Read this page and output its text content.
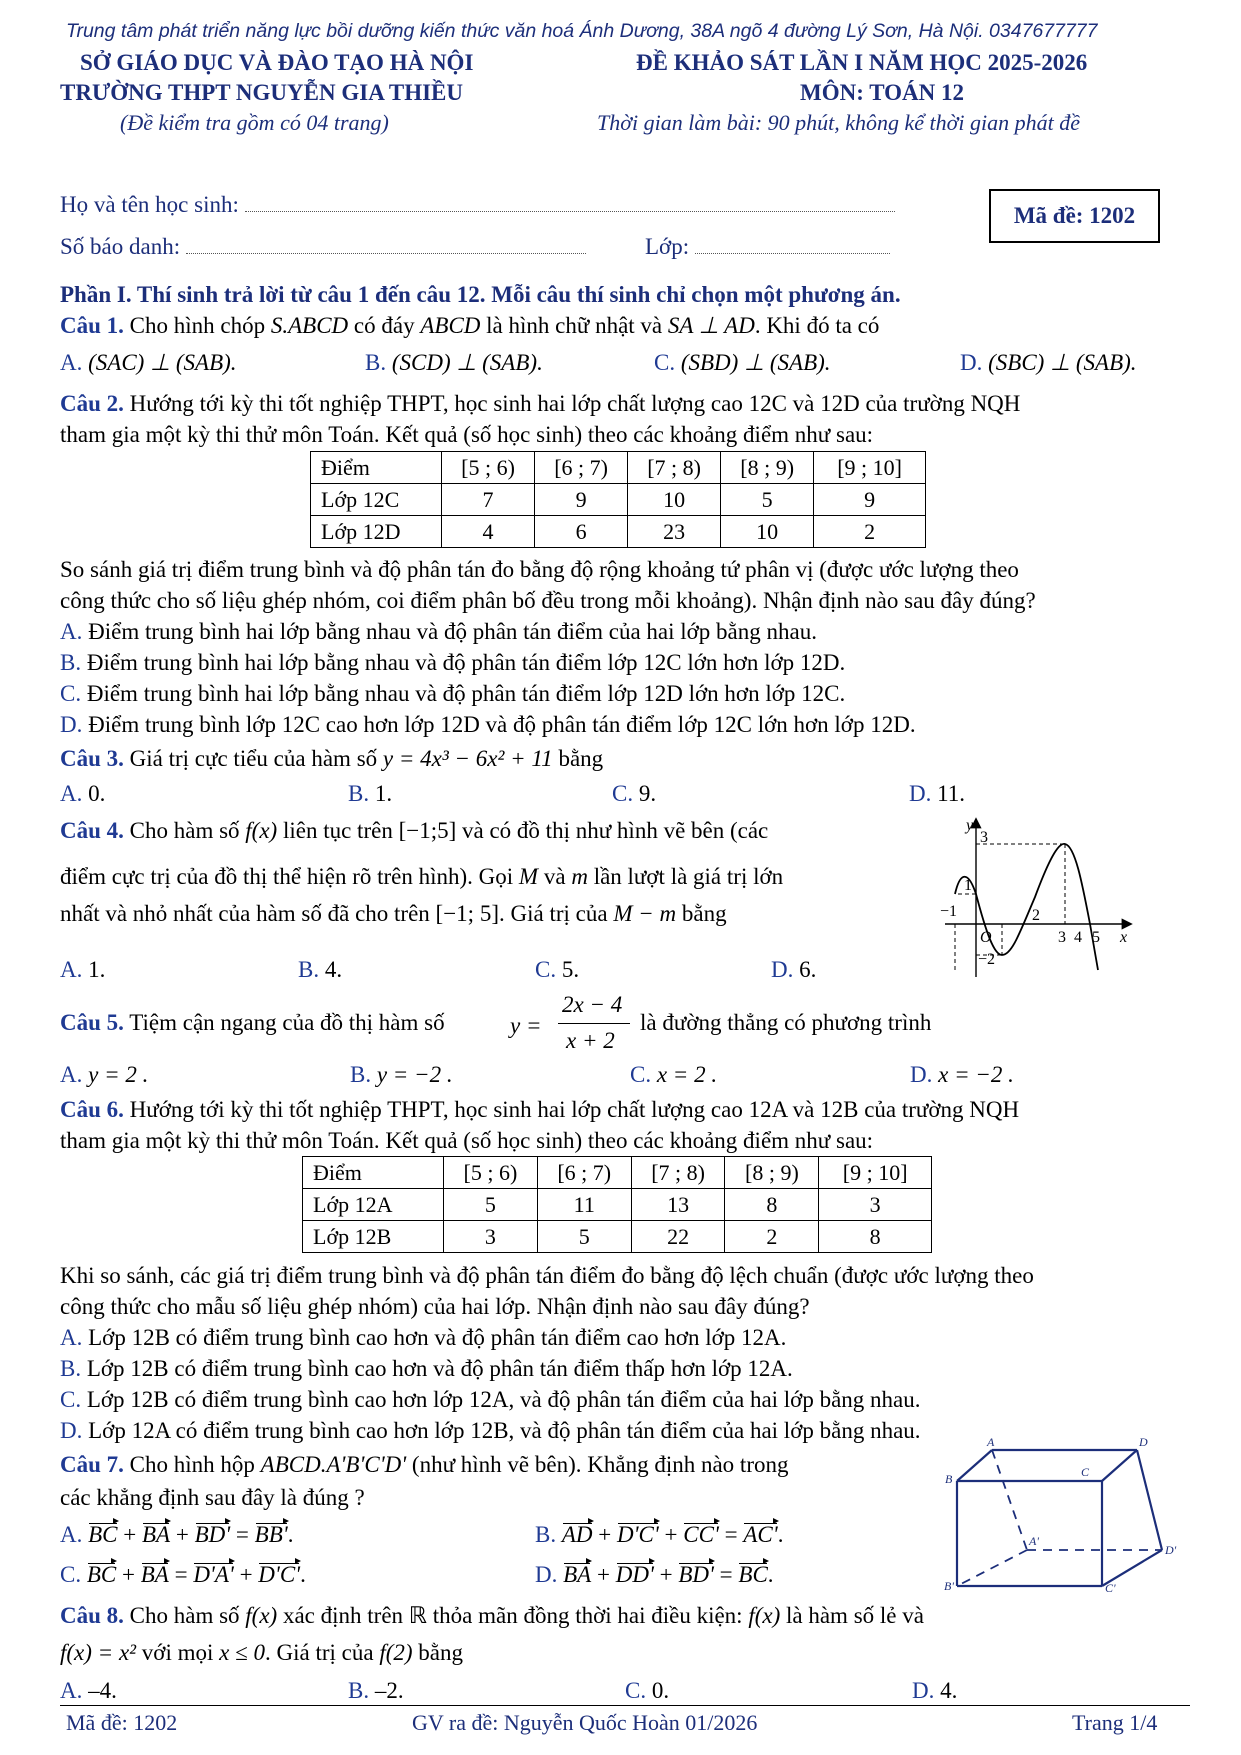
Trung tâm phát triển năng lực bồi dưỡng kiến thức văn hoá Ánh Dương, 38A ngõ 4 đường Lý Sơn, Hà Nội. 0347677777
SỞ GIÁO DỤC VÀ ĐÀO TẠO HÀ NỘI
TRƯỜNG THPT NGUYỄN GIA THIỀU
(Đề kiểm tra gồm có 04 trang)
ĐỀ KHẢO SÁT LẦN I NĂM HỌC 2025-2026
MÔN: TOÁN 12
Thời gian làm bài: 90 phút, không kể thời gian phát đề
Họ và tên học sinh:
Số báo danh:	Lớp:
Mã đề: 1202
Phần I. Thí sinh trả lời từ câu 1 đến câu 12. Mỗi câu thí sinh chỉ chọn một phương án.
Câu 1. Cho hình chóp S.ABCD có đáy ABCD là hình chữ nhật và SA ⊥ AD. Khi đó ta có
A. (SAC) ⊥ (SAB).	B. (SCD) ⊥ (SAB).	C. (SBD) ⊥ (SAB).	D. (SBC) ⊥ (SAB).
Câu 2. Hướng tới kỳ thi tốt nghiệp THPT, học sinh hai lớp chất lượng cao 12C và 12D của trường NQH
tham gia một kỳ thi thử môn Toán. Kết quả (số học sinh) theo các khoảng điểm như sau:
Điểm	[5 ; 6)	[6 ; 7)	[7 ; 8)	[8 ; 9)	[9 ; 10]
Lớp 12C	7	9	10	5	9
Lớp 12D	4	6	23	10	2
So sánh giá trị điểm trung bình và độ phân tán đo bằng độ rộng khoảng tứ phân vị (được ước lượng theo
công thức cho số liệu ghép nhóm, coi điểm phân bố đều trong mỗi khoảng). Nhận định nào sau đây đúng?
A. Điểm trung bình hai lớp bằng nhau và độ phân tán điểm của hai lớp bằng nhau.
B. Điểm trung bình hai lớp bằng nhau và độ phân tán điểm lớp 12C lớn hơn lớp 12D.
C. Điểm trung bình hai lớp bằng nhau và độ phân tán điểm lớp 12D lớn hơn lớp 12C.
D. Điểm trung bình lớp 12C cao hơn lớp 12D và độ phân tán điểm lớp 12C lớn hơn lớp 12D.
Câu 3. Giá trị cực tiểu của hàm số y = 4x³ − 6x² + 11 bằng
A. 0.	B. 1.	C. 9.	D. 11.
Câu 4. Cho hàm số f(x) liên tục trên [−1;5] và có đồ thị như hình vẽ bên (các
điểm cực trị của đồ thị thể hiện rõ trên hình). Gọi M và m lần lượt là giá trị lớn
nhất và nhỏ nhất của hàm số đã cho trên [−1; 5]. Giá trị của M − m bằng
A. 1.	B. 4.	C. 5.	D. 6.
y
3
1
−1	2
O
−2
3 4 5 x
Câu 5. Tiệm cận ngang của đồ thị hàm số	y =
2x − 4
x + 2
là đường thẳng có phương trình
A. y = 2 .	B. y = −2 .	C. x = 2 .	D. x = −2 .
Câu 6. Hướng tới kỳ thi tốt nghiệp THPT, học sinh hai lớp chất lượng cao 12A và 12B của trường NQH
tham gia một kỳ thi thử môn Toán. Kết quả (số học sinh) theo các khoảng điểm như sau:
Điểm	[5 ; 6)	[6 ; 7)	[7 ; 8)	[8 ; 9)	[9 ; 10]
Lớp 12A	5	11	13	8	3
Lớp 12B	3	5	22	2	8
Khi so sánh, các giá trị điểm trung bình và độ phân tán điểm đo bằng độ lệch chuẩn (được ước lượng theo
công thức cho mẫu số liệu ghép nhóm) của hai lớp. Nhận định nào sau đây đúng?
A. Lớp 12B có điểm trung bình cao hơn và độ phân tán điểm cao hơn lớp 12A.
B. Lớp 12B có điểm trung bình cao hơn và độ phân tán điểm thấp hơn lớp 12A.
C. Lớp 12B có điểm trung bình cao hơn lớp 12A, và độ phân tán điểm của hai lớp bằng nhau.
D. Lớp 12A có điểm trung bình cao hơn lớp 12B, và độ phân tán điểm của hai lớp bằng nhau.
Câu 7. Cho hình hộp ABCD.A'B'C'D' (như hình vẽ bên). Khẳng định nào trong
các khẳng định sau đây là đúng ?
A. BC + BA + BD' = BB'.	B. AD + D'C' + CC' = AC'.
C. BC + BA = D'A' + D'C'.	D. BA + DD' + BD' = BC.
A	D
B	C
A'
D'
B'	C'
Câu 8. Cho hàm số f(x) xác định trên ℝ thỏa mãn đồng thời hai điều kiện: f(x) là hàm số lẻ và
f(x) = x² với mọi x ≤ 0. Giá trị của f(2) bằng
A. –4.	B. –2.	C. 0.	D. 4.
Mã đề: 1202	GV ra đề: Nguyễn Quốc Hoàn 01/2026	Trang 1/4
